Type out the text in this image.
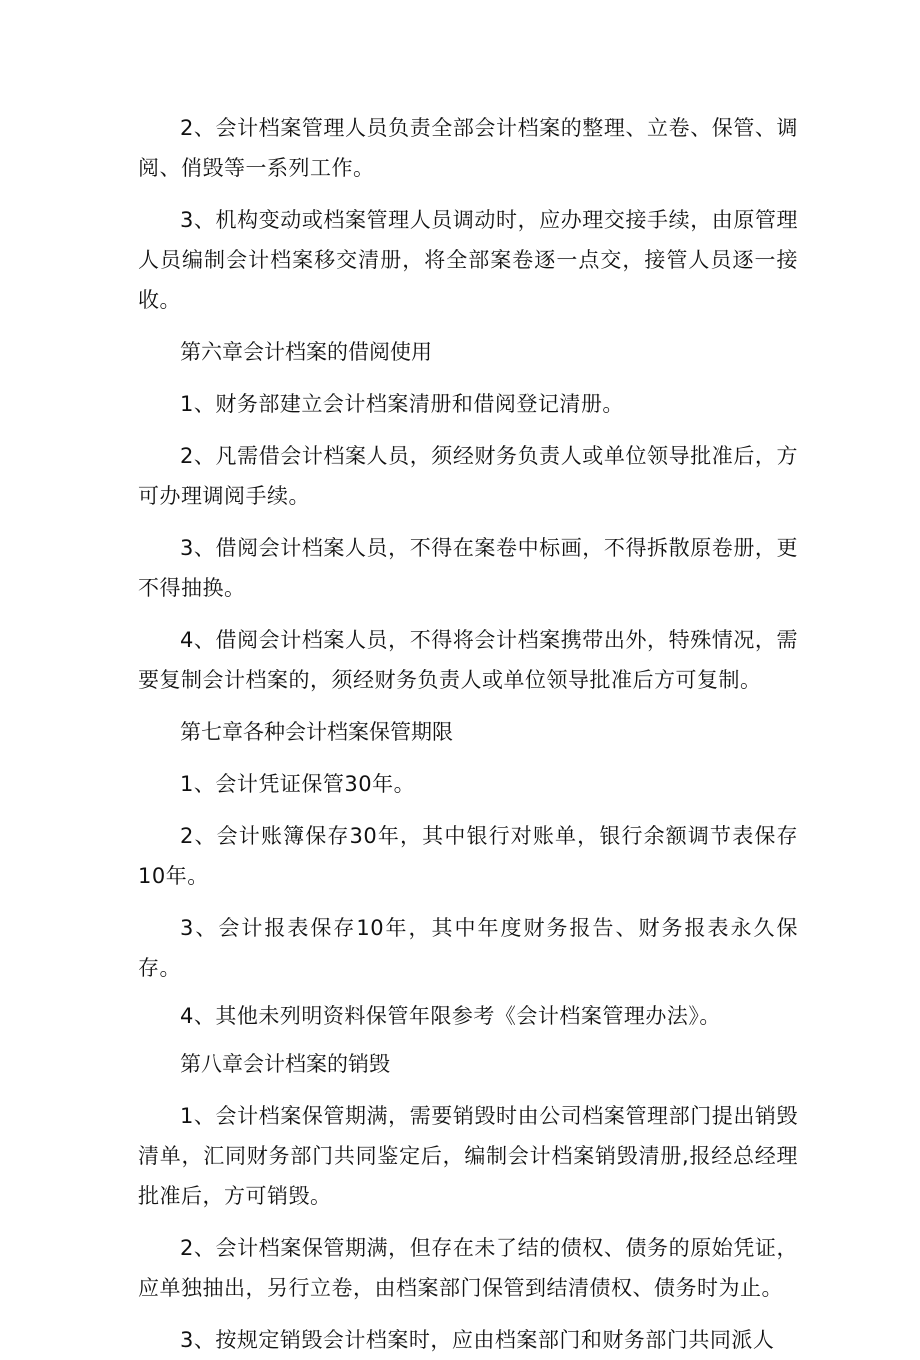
2、会计档案管理人员负责全部会计档案的整理、立卷、保管、调阅、俏毁等一系列工作。

3、机构变动或档案管理人员调动时，应办理交接手续，由原管理人员编制会计档案移交清册，将全部案卷逐一点交，接管人员逐一接收。

第六章会计档案的借阅使用

1、财务部建立会计档案清册和借阅登记清册。

2、凡需借会计档案人员，须经财务负责人或单位领导批准后，方可办理调阅手续。

3、借阅会计档案人员，不得在案卷中标画，不得拆散原卷册，更不得抽换。

4、借阅会计档案人员，不得将会计档案携带出外，特殊情况，需要复制会计档案的，须经财务负责人或单位领导批准后方可复制。

第七章各种会计档案保管期限

1、会计凭证保管30年。

2、会计账簿保存30年，其中银行对账单，银行余额调节表保存10年。

3、会计报表保存10年，其中年度财务报告、财务报表永久保存。

4、其他未列明资料保管年限参考《会计档案管理办法》。

第八章会计档案的销毁

1、会计档案保管期满，需要销毁时由公司档案管理部门提出销毁清单，汇同财务部门共同鉴定后，编制会计档案销毁清册,报经总经理批准后，方可销毁。

2、会计档案保管期满，但存在未了结的债权、债务的原始凭证，应单独抽出，另行立卷，由档案部门保管到结清债权、债务时为止。

3、按规定销毁会计档案时，应由档案部门和财务部门共同派人
